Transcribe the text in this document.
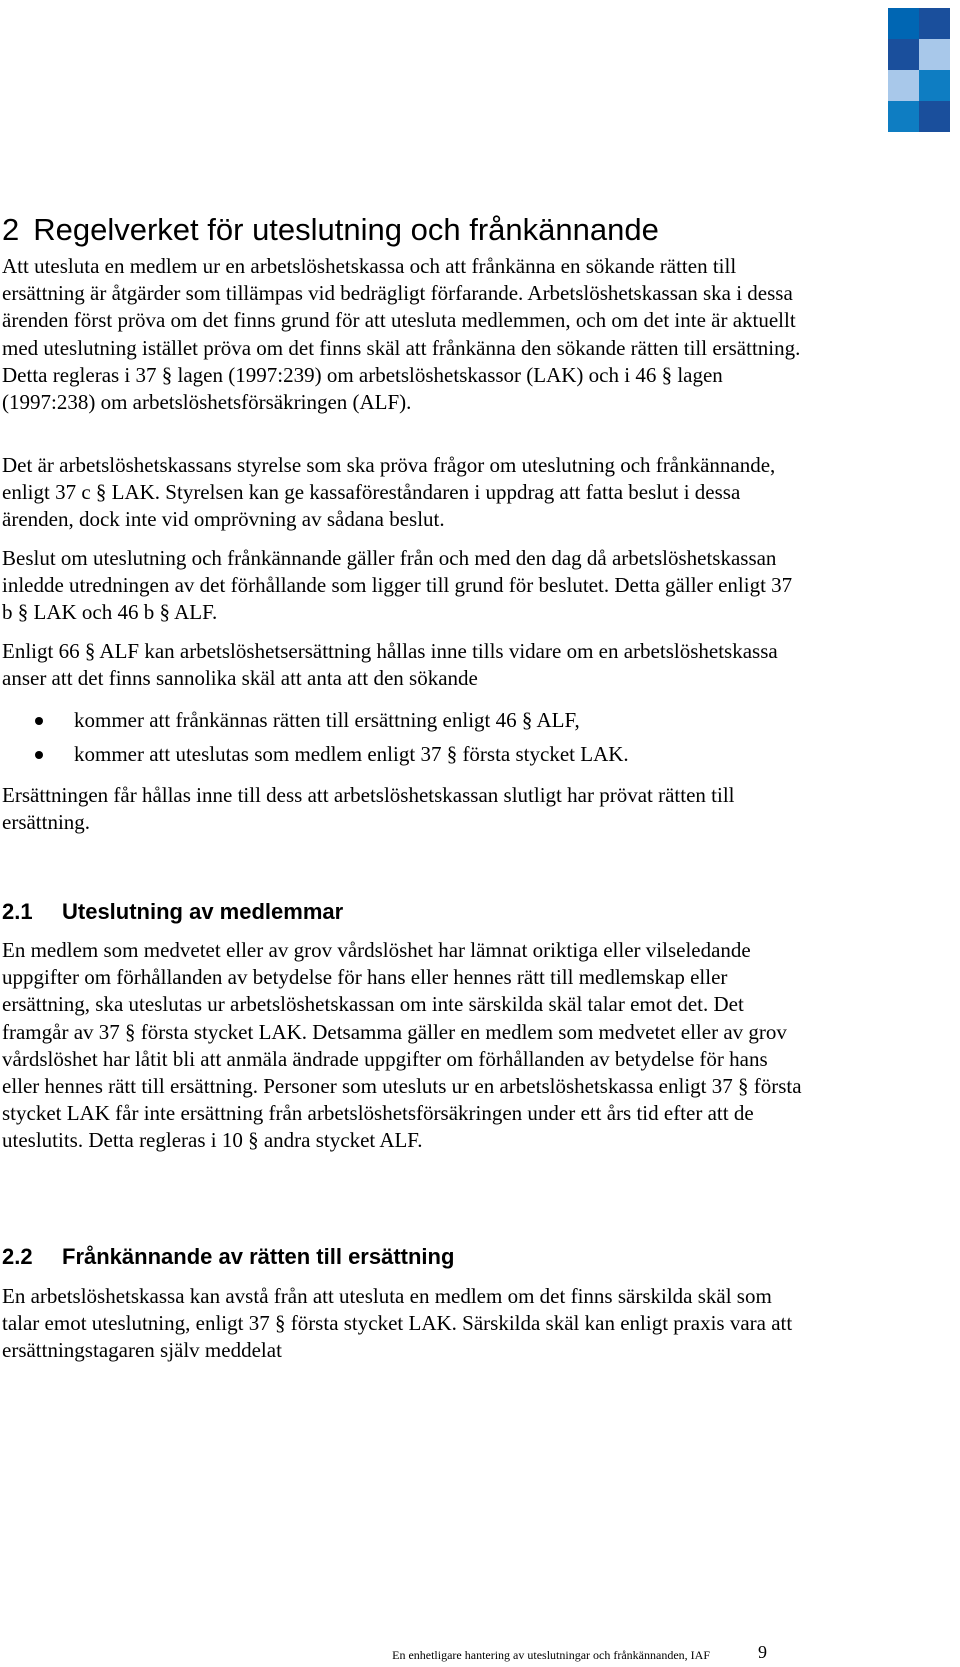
2 Regelverket för uteslutning och frånkännande

Att utesluta en medlem ur en arbetslöshetskassa och att frånkänna en sökande rätten till ersättning är åtgärder som tillämpas vid bedrägligt förfarande. Arbetslöshetskassan ska i dessa ärenden först pröva om det finns grund för att utesluta medlemmen, och om det inte är aktuellt med uteslutning istället pröva om det finns skäl att frånkänna den sökande rätten till ersättning. Detta regleras i 37 § lagen (1997:239) om arbetslöshetskassor (LAK) och i 46 § lagen (1997:238) om arbetslöshetsförsäkringen (ALF).

Det är arbetslöshetskassans styrelse som ska pröva frågor om uteslutning och frånkännande, enligt 37 c § LAK. Styrelsen kan ge kassaföreståndaren i uppdrag att fatta beslut i dessa ärenden, dock inte vid omprövning av sådana beslut.

Beslut om uteslutning och frånkännande gäller från och med den dag då arbetslöshetskassan inledde utredningen av det förhållande som ligger till grund för beslutet. Detta gäller enligt 37 b § LAK och 46 b § ALF.

Enligt 66 § ALF kan arbetslöshetsersättning hållas inne tills vidare om en arbetslöshetskassa anser att det finns sannolika skäl att anta att den sökande

kommer att frånkännas rätten till ersättning enligt 46 § ALF,
kommer att uteslutas som medlem enligt 37 § första stycket LAK.

Ersättningen får hållas inne till dess att arbetslöshetskassan slutligt har prövat rätten till ersättning.

2.1 Uteslutning av medlemmar

En medlem som medvetet eller av grov vårdslöshet har lämnat oriktiga eller vilseledande uppgifter om förhållanden av betydelse för hans eller hennes rätt till medlemskap eller ersättning, ska uteslutas ur arbetslöshetskassan om inte särskilda skäl talar emot det. Det framgår av 37 § första stycket LAK. Detsamma gäller en medlem som medvetet eller av grov vårdslöshet har låtit bli att anmäla ändrade uppgifter om förhållanden av betydelse för hans eller hennes rätt till ersättning. Personer som utesluts ur en arbetslöshetskassa enligt 37 § första stycket LAK får inte ersättning från arbetslöshetsförsäkringen under ett års tid efter att de uteslutits. Detta regleras i 10 § andra stycket ALF.

2.2 Frånkännande av rätten till ersättning

En arbetslöshetskassa kan avstå från att utesluta en medlem om det finns särskilda skäl som talar emot uteslutning, enligt 37 § första stycket LAK. Särskilda skäl kan enligt praxis vara att ersättningstagaren själv meddelat

En enhetligare hantering av uteslutningar och frånkännanden, IAF	9
